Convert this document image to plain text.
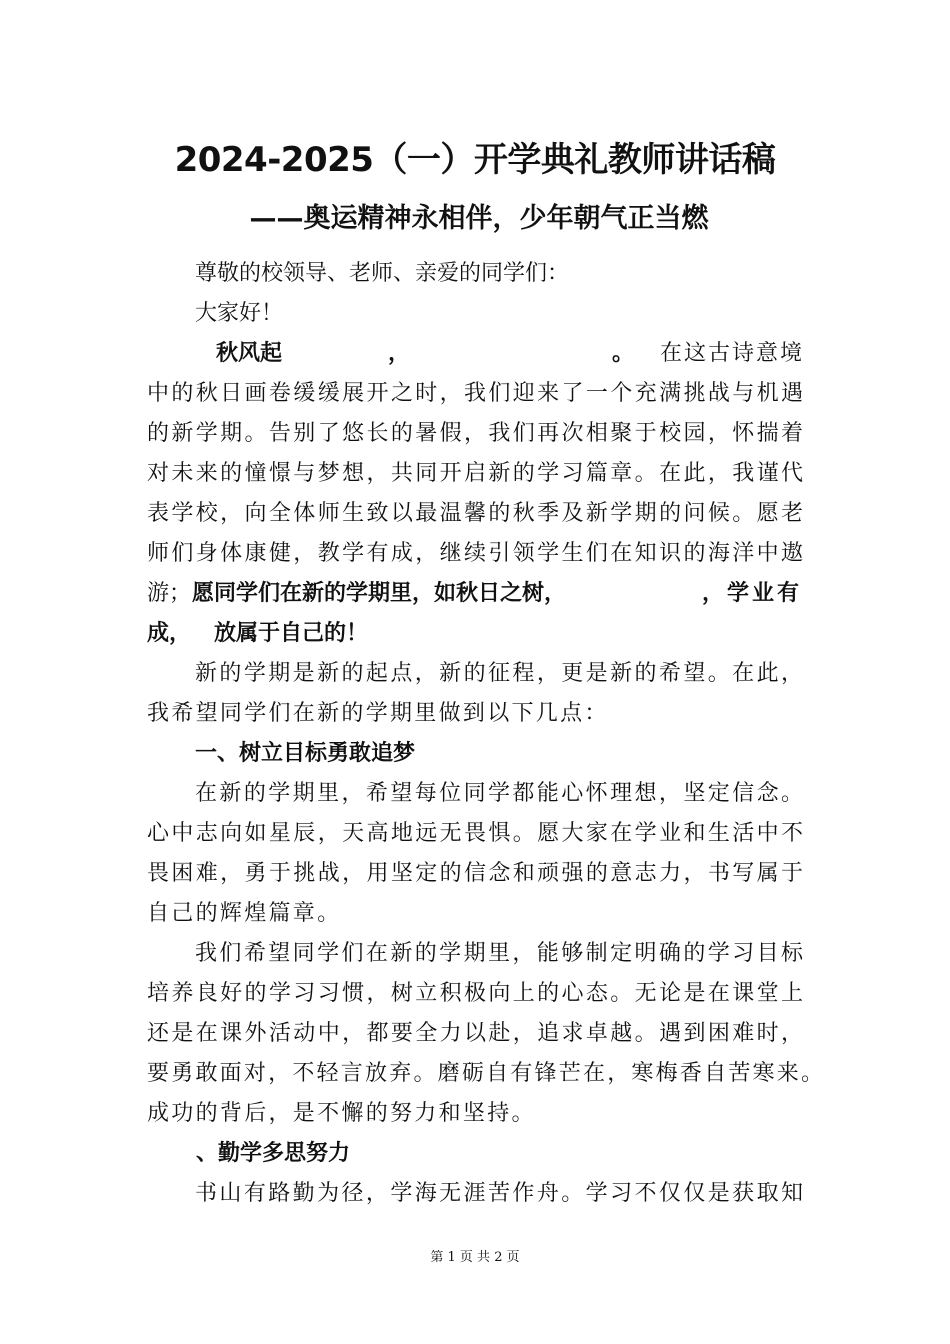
2024-2025（一）开学典礼教师讲话稿
——奥运精神永相伴，少年朝气正当燃
尊敬的校领导、老师、亲爱的同学们：
大家好！
秋风起	，	。 在这古诗意境
中的秋日画卷缓缓展开之时，我们迎来了一个充满挑战与机遇
的新学期。告别了悠长的暑假，我们再次相聚于校园，怀揣着
对未来的憧憬与梦想，共同开启新的学习篇章。在此，我谨代
表学校，向全体师生致以最温馨的秋季及新学期的问候。愿老
师们身体康健，教学有成，继续引领学生们在知识的海洋中遨
游； 愿同学们在新的学期里，如秋日之树，	，学业有
成， 放属于自己的 ！
新的学期是新的起点，新的征程，更是新的希望。在此，
我希望同学们在新的学期里做到以下几点：
一、树立目标勇敢追梦
在新的学期里，希望每位同学都能心怀理想，坚定信念。
心中志向如星辰，天高地远无畏惧。愿大家在学业和生活中不
畏困难，勇于挑战，用坚定的信念和顽强的意志力，书写属于
自己的辉煌篇章。
我们希望同学们在新的学期里，能够制定明确的学习目标
培养良好的学习习惯，树立积极向上的心态。无论是在课堂上
还是在课外活动中，都要全力以赴，追求卓越。遇到困难时，
要勇敢面对，不轻言放弃。磨砺自有锋芒在，寒梅香自苦寒来。
成功的背后，是不懈的努力和坚持。
、勤学多思努力
书山有路勤为径，学海无涯苦作舟。学习不仅仅是获取知
第 1 页 共 2 页
